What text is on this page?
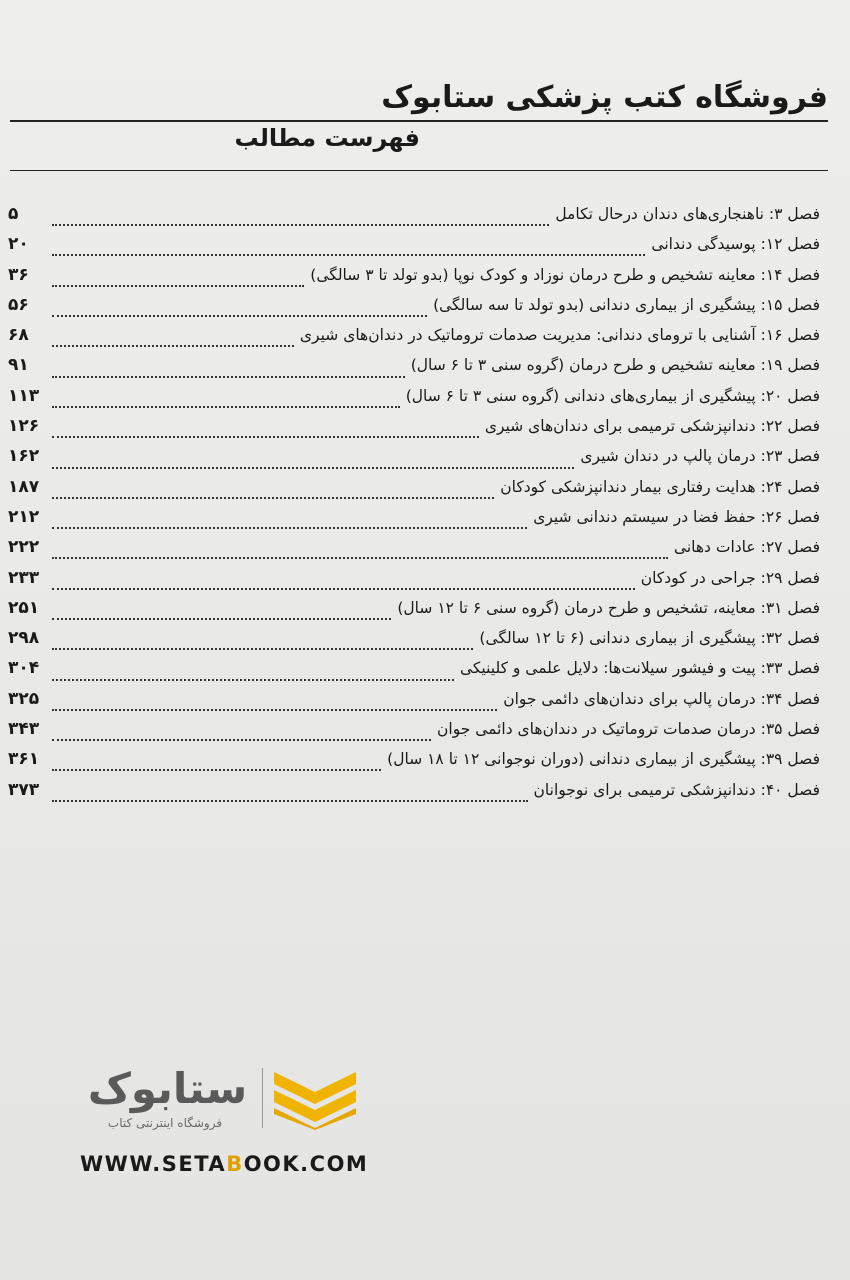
فروشگاه کتب پزشکی ستابوک
فهرست مطالب
۵	فصل ۳: ناهنجاری‌های دندان درحال تکامل
۲۰	فصل ۱۲: پوسیدگی دندانی
۳۶	فصل ۱۴: معاینه تشخیص و طرح درمان نوزاد و کودک نوپا (بدو تولد تا ۳ سالگی)
۵۶	فصل ۱۵: پیشگیری از بیماری دندانی (بدو تولد تا سه سالگی)
۶۸	فصل ۱۶: آشنایی با ترومای دندانی: مدیریت صدمات تروماتیک در دندان‌های شیری
۹۱	فصل ۱۹: معاینه تشخیص و طرح درمان (گروه سنی ۳ تا ۶ سال)
۱۱۳	فصل ۲۰: پیشگیری از بیماری‌های دندانی (گروه سنی ۳ تا ۶ سال)
۱۲۶	فصل ۲۲: دندانپزشکی ترمیمی برای دندان‌های شیری
۱۶۲	فصل ۲۳: درمان پالپ در دندان شیری
۱۸۷	فصل ۲۴: هدایت رفتاری بیمار دندانپزشکی کودکان
۲۱۲	فصل ۲۶: حفظ فضا در سیستم دندانی شیری
۲۲۲	فصل ۲۷: عادات دهانی
۲۳۳	فصل ۲۹: جراحی در کودکان
۲۵۱	فصل ۳۱: معاینه، تشخیص و طرح درمان (گروه سنی ۶ تا ۱۲ سال)
۲۹۸	فصل ۳۲: پیشگیری از بیماری دندانی (۶ تا ۱۲ سالگی)
۳۰۴	فصل ۳۳: پیت و فیشور سیلانت‌ها: دلایل علمی و کلینیکی
۳۲۵	فصل ۳۴: درمان پالپ برای دندان‌های دائمی جوان
۳۴۳	فصل ۳۵: درمان صدمات تروماتیک در دندان‌های دائمی جوان
۳۶۱	فصل ۳۹: پیشگیری از بیماری دندانی (دوران نوجوانی ۱۲ تا ۱۸ سال)
۳۷۳	فصل ۴۰: دندانپزشکی ترمیمی برای نوجوانان
ستابوک
فروشگاه اینترنتی کتاب
WWW.SETABOOK.COM
